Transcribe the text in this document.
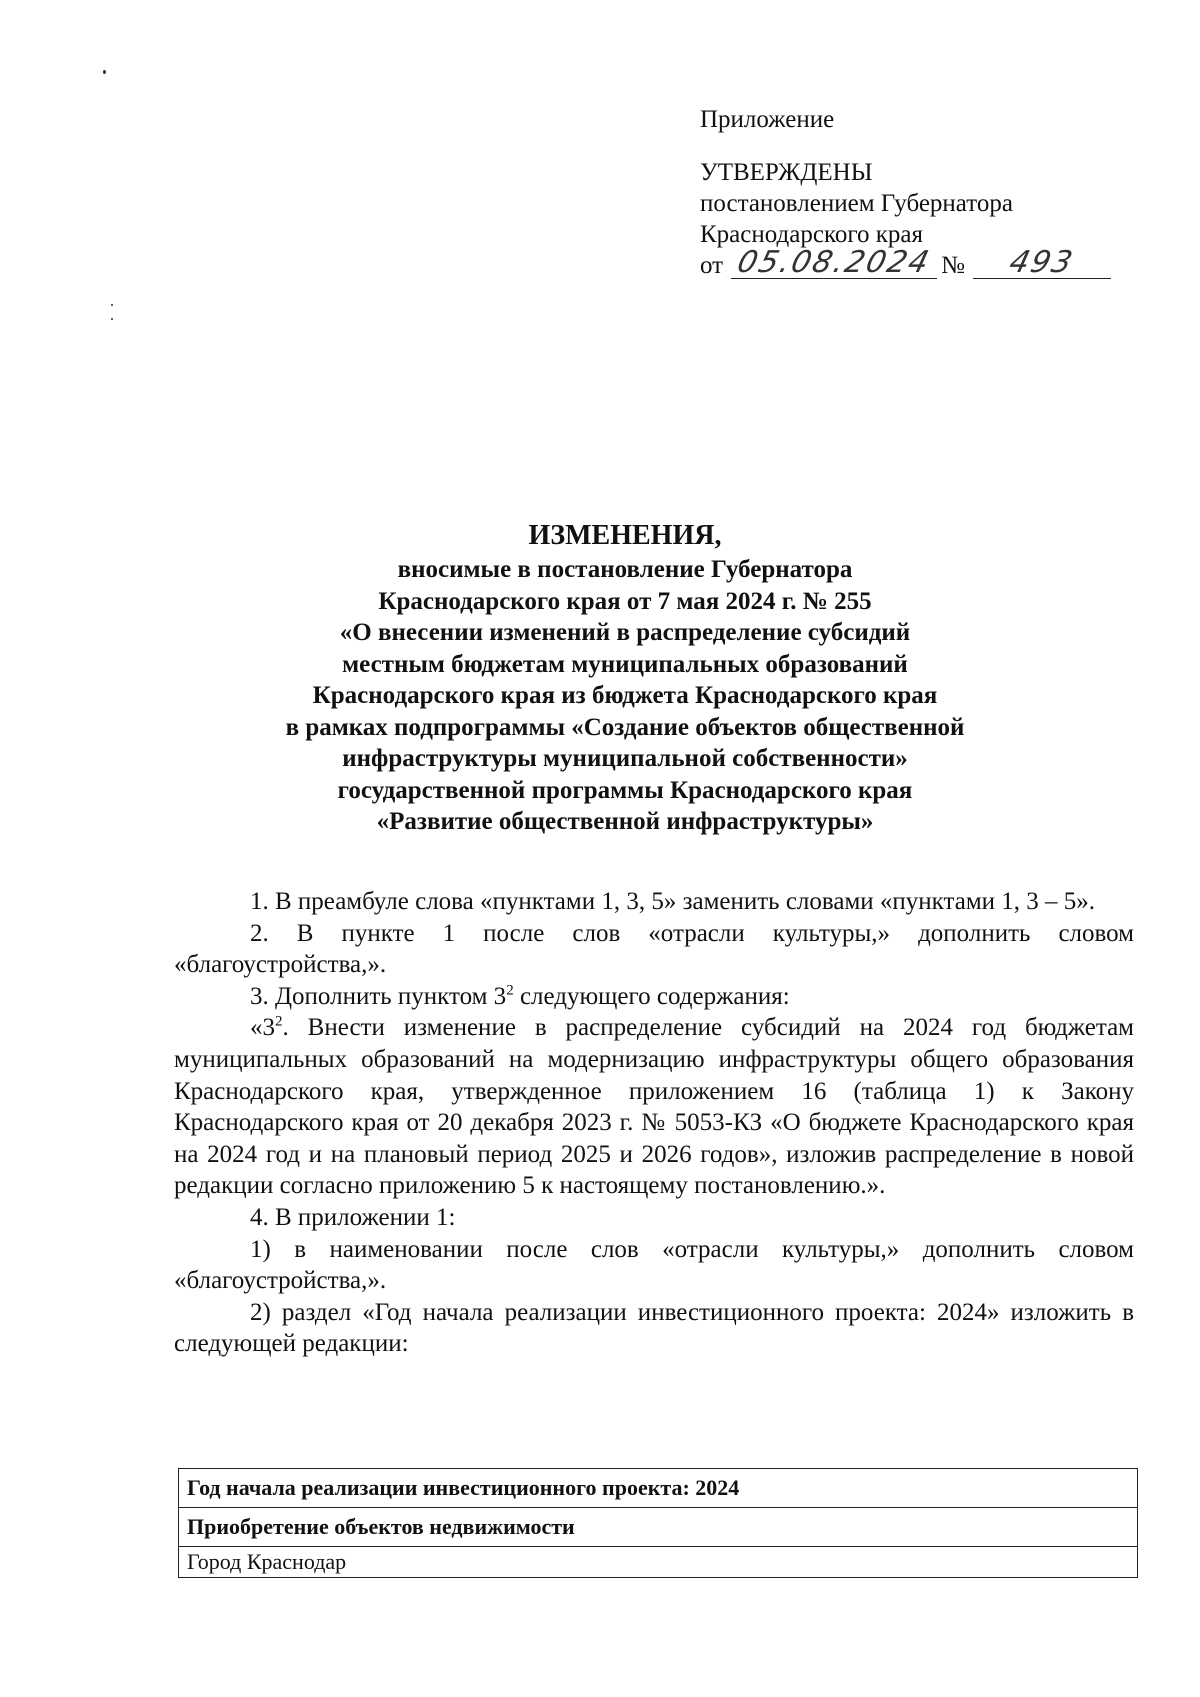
Приложение
УТВЕРЖДЕНЫ
постановлением Губернатора
Краснодарского края
от 05.08.2024 №	493
ИЗМЕНЕНИЯ,
вносимые в постановление Губернатора
Краснодарского края от 7 мая 2024 г. № 255
«О внесении изменений в распределение субсидий
местным бюджетам муниципальных образований
Краснодарского края из бюджета Краснодарского края
в рамках подпрограммы «Создание объектов общественной
инфраструктуры муниципальной собственности»
государственной программы Краснодарского края
«Развитие общественной инфраструктуры»

1. В преамбуле слова «пунктами 1, 3, 5» заменить словами «пунктами 1, 3 – 5».

2. В пункте 1 после слов «отрасли культуры,» дополнить словом «благоустройства,».

3. Дополнить пунктом $3^2$ следующего содержания:

«$3^2$. Внести изменение в распределение субсидий на 2024 год бюджетам муниципальных образований на модернизацию инфраструктуры общего образования Краснодарского края, утвержденное приложением 16 (таблица 1) к Закону Краснодарского края от 20 декабря 2023 г. № 5053-КЗ «О бюджете Краснодарского края на 2024 год и на плановый период 2025 и 2026 годов», изложив распределение в новой редакции согласно приложению 5 к настоящему постановлению.».

4. В приложении 1:

1) в наименовании после слов «отрасли культуры,» дополнить словом «благоустройства,».

2) раздел «Год начала реализации инвестиционного проекта: 2024» изложить в следующей редакции:

Год начала реализации инвестиционного проекта: 2024
Приобретение объектов недвижимости
Город Краснодар
